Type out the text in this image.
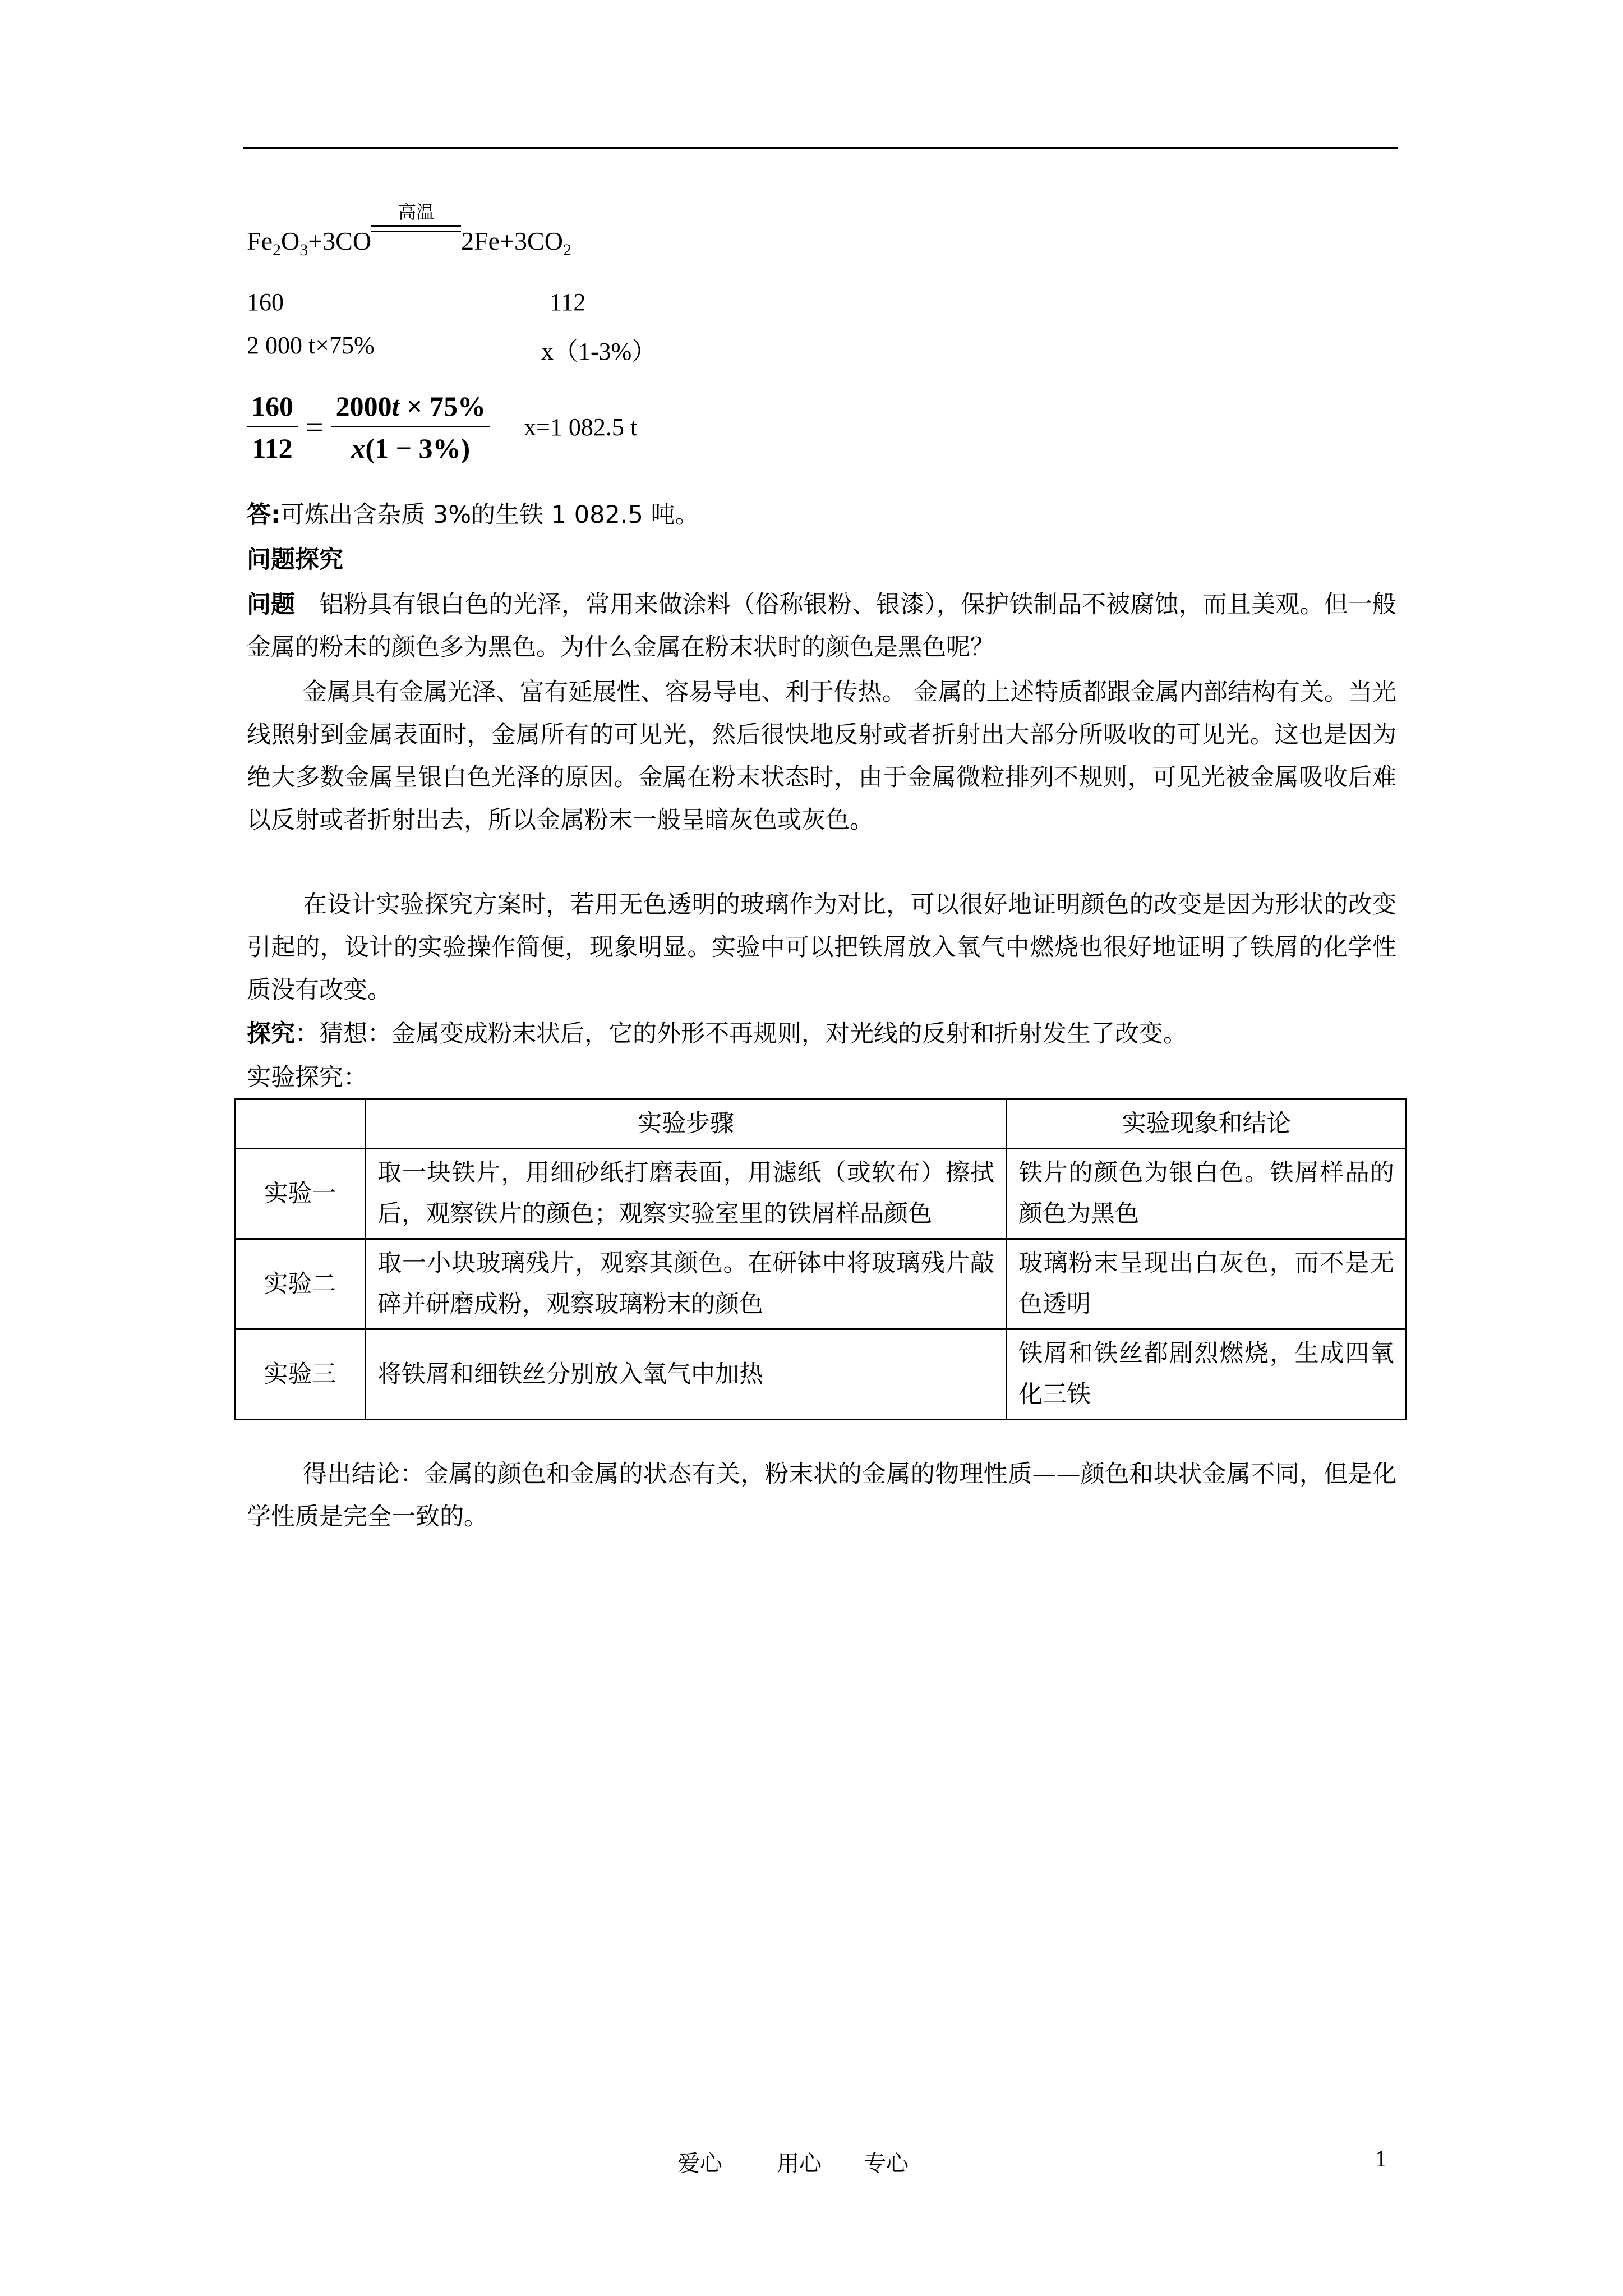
$Fe_2O_3+3CO$
高温
$2Fe+3CO_2$
160	112
2 000 t×75%	x（1-3%）
$\frac{160}{112} = \frac{2000t \times 75\%}{x(1 - 3\%)} x=1$ 082.5 t
答:可炼出含杂质 3%的生铁 1 082.5 吨。
问题探究
问题　铝粉具有银白色的光泽，常用来做涂料（俗称银粉、银漆），保护铁制品不被腐蚀，而且美观。但一般金属的粉末的颜色多为黑色。为什么金属在粉末状时的颜色是黑色呢？
金属具有金属光泽、富有延展性、容易导电、利于传热。 金属的上述特质都跟金属内部结构有关。当光线照射到金属表面时，金属所有的可见光，然后很快地反射或者折射出大部分所吸收的可见光。这也是因为绝大多数金属呈银白色光泽的原因。金属在粉末状态时，由于金属微粒排列不规则，可见光被金属吸收后难以反射或者折射出去，所以金属粉末一般呈暗灰色或灰色。
在设计实验探究方案时，若用无色透明的玻璃作为对比，可以很好地证明颜色的改变是因为形状的改变引起的，设计的实验操作简便，现象明显。实验中可以把铁屑放入氧气中燃烧也很好地证明了铁屑的化学性质没有改变。
探究：猜想：金属变成粉末状后，它的外形不再规则，对光线的反射和折射发生了改变。
实验探究：
	实验步骤	实验现象和结论
实验一	取一块铁片，用细砂纸打磨表面，用滤纸（或软布）擦拭后，观察铁片的颜色；观察实验室里的铁屑样品颜色	铁片的颜色为银白色。铁屑样品的颜色为黑色
实验二	取一小块玻璃残片，观察其颜色。在研钵中将玻璃残片敲碎并研磨成粉，观察玻璃粉末的颜色	玻璃粉末呈现出白灰色，而不是无色透明
实验三	将铁屑和细铁丝分别放入氧气中加热	铁屑和铁丝都剧烈燃烧，生成四氧化三铁
得出结论：金属的颜色和金属的状态有关，粉末状的金属的物理性质——颜色和块状金属不同，但是化学性质是完全一致的。
爱心 用心 专心	1
